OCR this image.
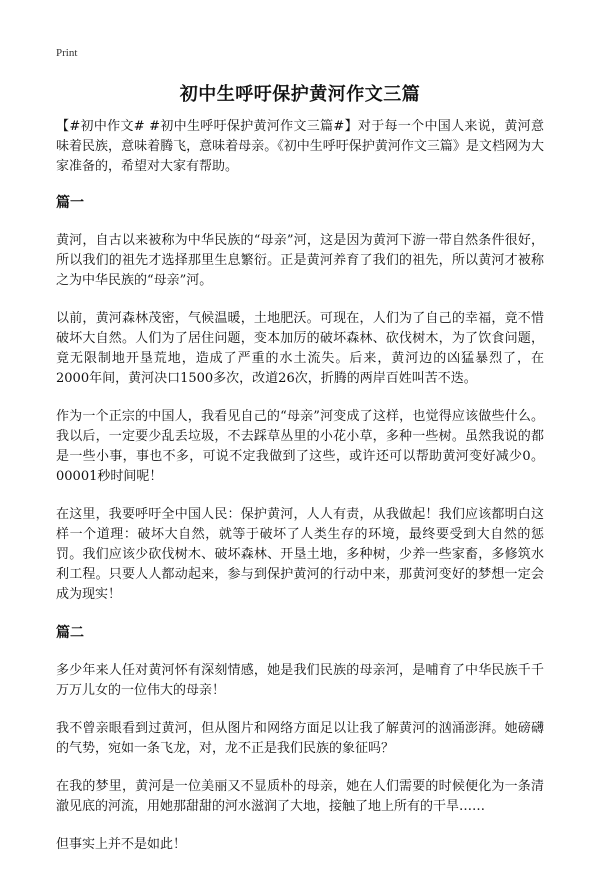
Print
初中生呼吁保护黄河作文三篇

【#初中作文# #初中生呼吁保护黄河作文三篇#】对于每一个中国人来说，黄河意味着民族，意味着腾飞，意味着母亲。《初中生呼吁保护黄河作文三篇》是文档网为大家准备的，希望对大家有帮助。

篇一

黄河，自古以来被称为中华民族的“母亲”河，这是因为黄河下游一带自然条件很好，所以我们的祖先才选择那里生息繁衍。正是黄河养育了我们的祖先，所以黄河才被称之为中华民族的“母亲”河。

以前，黄河森林茂密，气候温暖，土地肥沃。可现在，人们为了自己的幸福，竟不惜破坏大自然。人们为了居住问题，变本加厉的破坏森林、砍伐树木，为了饮食问题，竟无限制地开垦荒地，造成了严重的水土流失。后来，黄河边的凶猛暴烈了，在2000年间，黄河决口1500多次，改道26次，折腾的两岸百姓叫苦不迭。

作为一个正宗的中国人，我看见自己的“母亲”河变成了这样，也觉得应该做些什么。我以后，一定要少乱丢垃圾，不去踩草丛里的小花小草，多种一些树。虽然我说的都是一些小事，事也不多，可说不定我做到了这些，或许还可以帮助黄河变好减少0。00001秒时间呢！

在这里，我要呼吁全中国人民：保护黄河，人人有责，从我做起！我们应该都明白这样一个道理：破坏大自然，就等于破坏了人类生存的环境，最终要受到大自然的惩罚。我们应该少砍伐树木、破坏森林、开垦土地，多种树，少养一些家畜，多修筑水利工程。只要人人都动起来，参与到保护黄河的行动中来，那黄河变好的梦想一定会成为现实！

篇二

多少年来人任对黄河怀有深刻情感，她是我们民族的母亲河，是哺育了中华民族千千万万儿女的一位伟大的母亲！

我不曾亲眼看到过黄河，但从图片和网络方面足以让我了解黄河的汹涌澎湃。她磅礴的气势，宛如一条飞龙，对，龙不正是我们民族的象征吗？

在我的梦里，黄河是一位美丽又不显质朴的母亲，她在人们需要的时候便化为一条清澈见底的河流，用她那甜甜的河水滋润了大地，接触了地上所有的干旱……

但事实上并不是如此！
